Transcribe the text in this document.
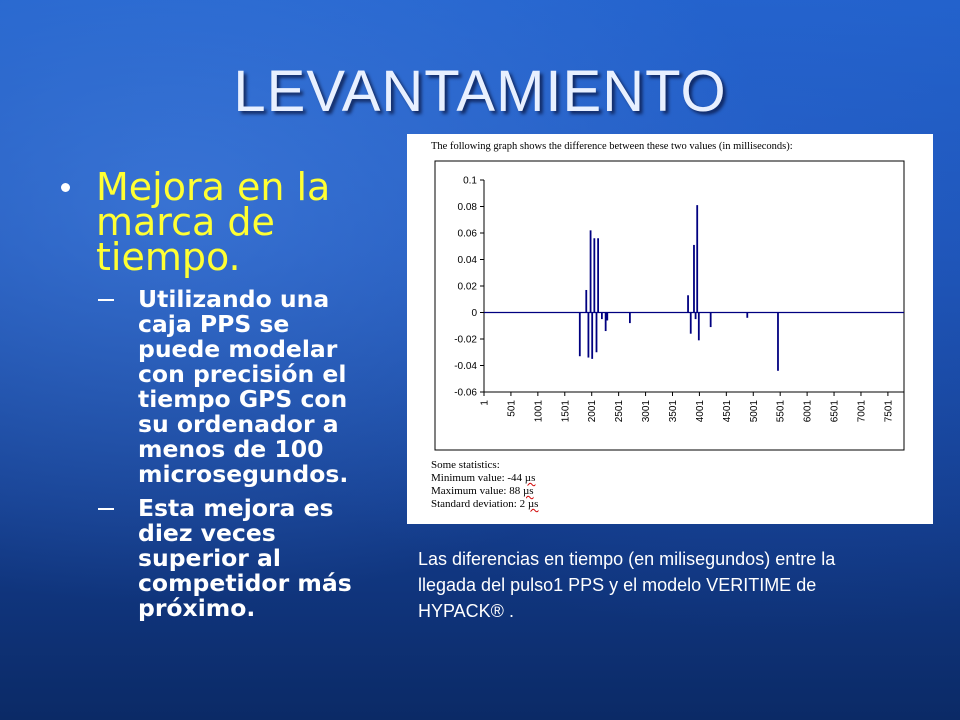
LEVANTAMIENTO
Mejora en la marca de tiempo.
Utilizando una caja PPS se puede modelar con precisión el tiempo GPS con su ordenador a menos de 100 microsegundos.
Esta mejora es diez veces superior al competidor más próximo.
The following graph shows the difference between these two values (in milliseconds):
0.1
0.08
0.06
0.04
0.02
0
-0.02
-0.04
-0.06
1 501 1001 1501 2001 2501 3001 3501 4001 4501 5001 5501 6001 6501 7001 7501
Some statistics:
Minimum value: -44 µs
Maximum value: 88 µs
Standard deviation: 2 µs
Las diferencias en tiempo (en milisegundos) entre la llegada del pulso1 PPS y el modelo VERITIME de HYPACK® .
